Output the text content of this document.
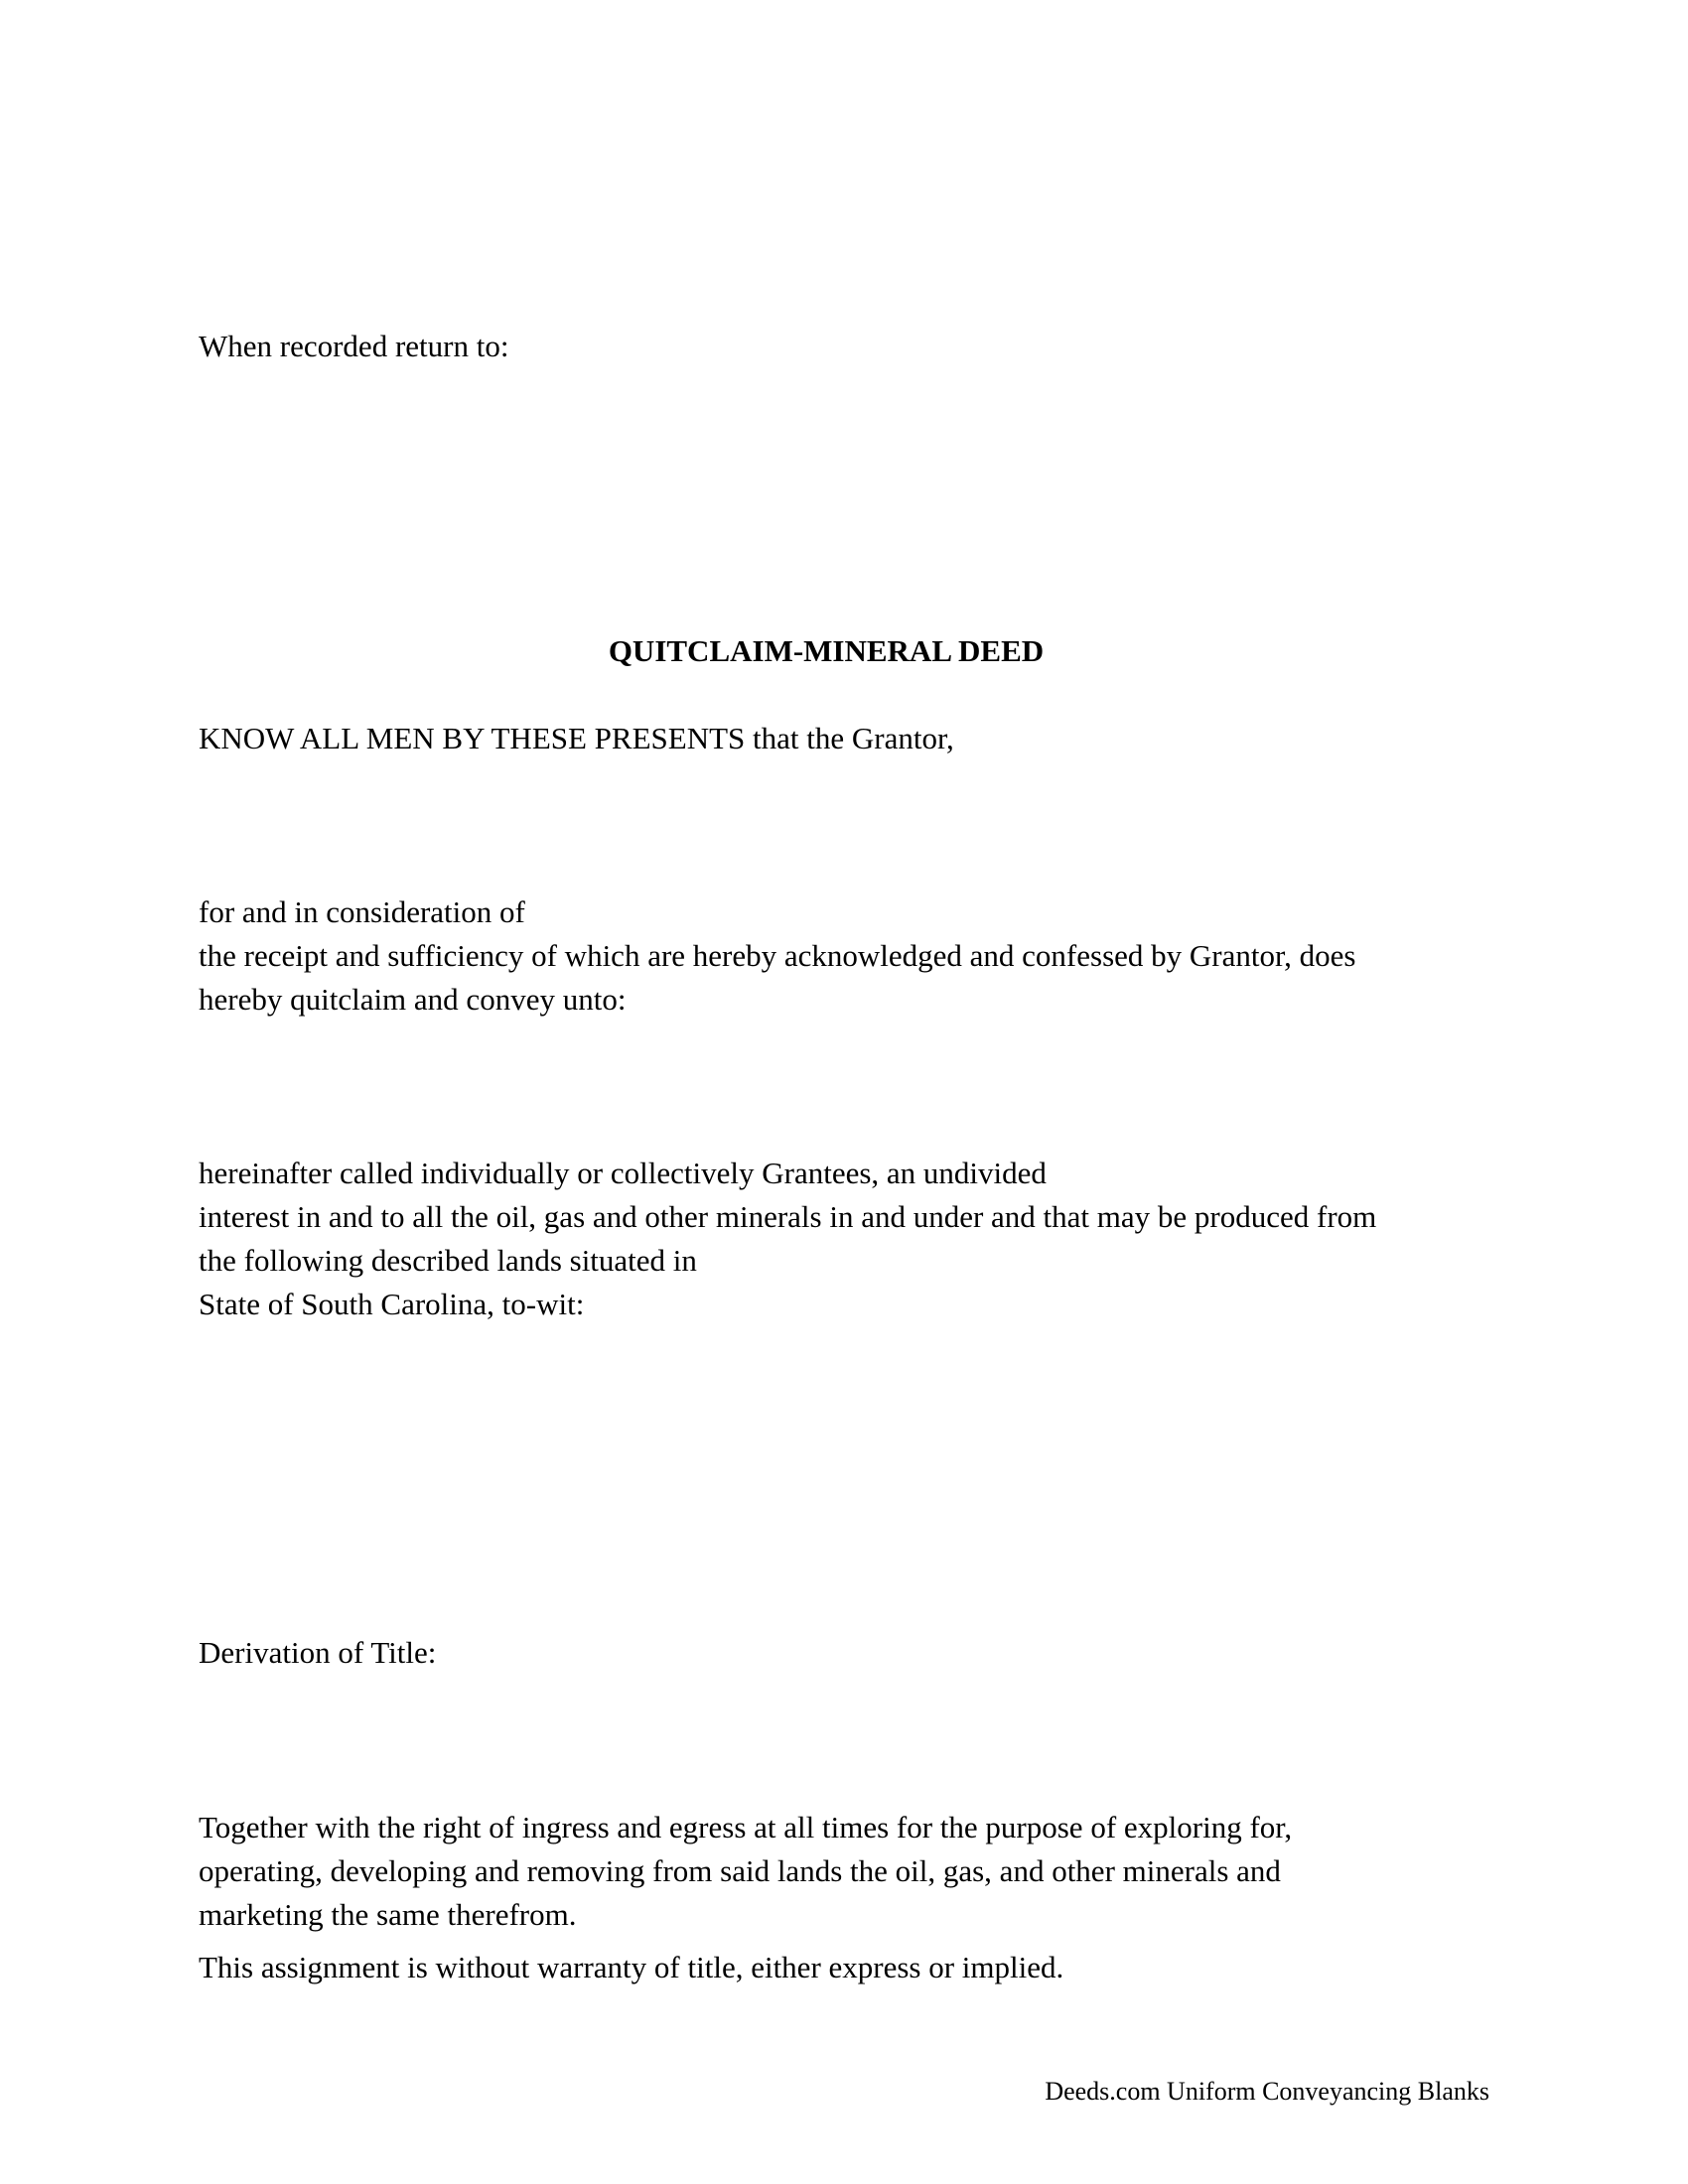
When recorded return to:

QUITCLAIM-MINERAL DEED

KNOW ALL MEN BY THESE PRESENTS that the Grantor,

for and in consideration of

the receipt and sufficiency of which are hereby acknowledged and confessed by Grantor, does

hereby quitclaim and convey unto:

hereinafter called individually or collectively Grantees, an undivided

interest in and to all the oil, gas and other minerals in and under and that may be produced from

the following described lands situated in

State of South Carolina, to-wit:

Derivation of Title:

Together with the right of ingress and egress at all times for the purpose of exploring for,

operating, developing and removing from said lands the oil, gas, and other minerals and

marketing the same therefrom.

This assignment is without warranty of title, either express or implied.

Deeds.com Uniform Conveyancing Blanks
